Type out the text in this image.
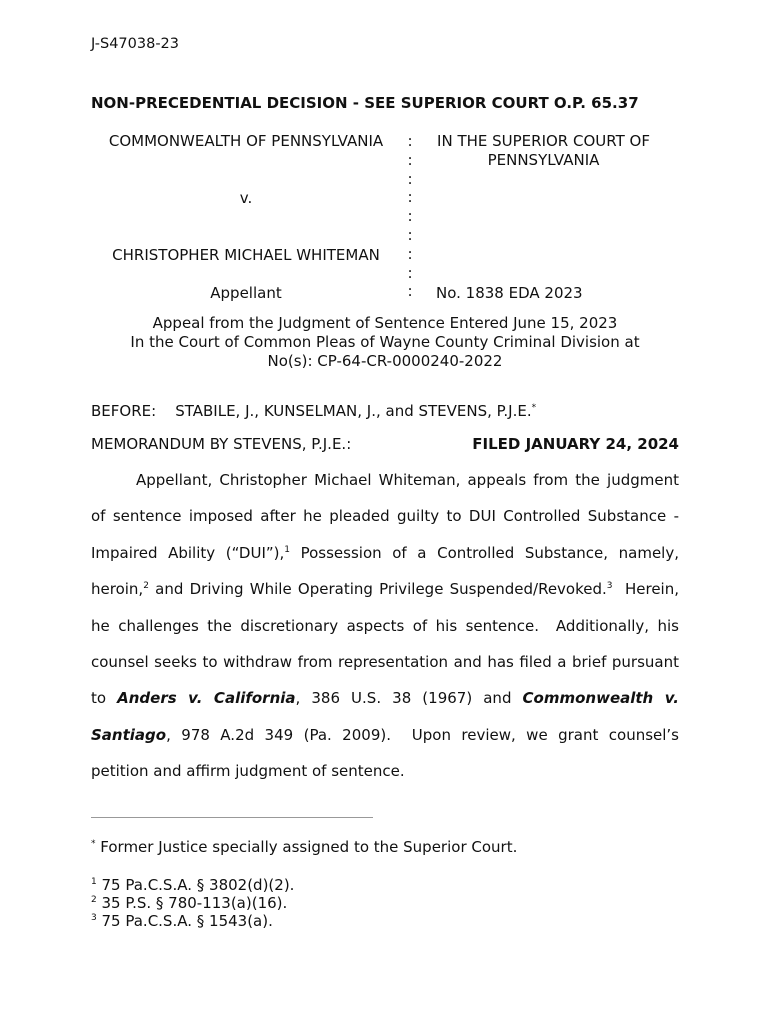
J-S47038-23
NON-PRECEDENTIAL DECISION - SEE SUPERIOR COURT O.P. 65.37
COMMONWEALTH OF PENNSYLVANIA
v.
CHRISTOPHER MICHAEL WHITEMAN
Appellant
:
:
:
:
:
:
:
:
:
IN THE SUPERIOR COURT OF
PENNSYLVANIA
No. 1838 EDA 2023
Appeal from the Judgment of Sentence Entered June 15, 2023
In the Court of Common Pleas of Wayne County Criminal Division at
No(s): CP-64-CR-0000240-2022
BEFORE:    STABILE, J., KUNSELMAN, J., and STEVENS, P.J.E.*
MEMORANDUM BY STEVENS, P.J.E.:	FILED JANUARY 24, 2024

Appellant, Christopher Michael Whiteman, appeals from the judgment of sentence imposed after he pleaded guilty to DUI Controlled Substance - Impaired Ability (“DUI”),$^1$ Possession of a Controlled Substance, namely, heroin,$^2$ and Driving While Operating Privilege Suspended/Revoked.$^3$  Herein, he challenges the discretionary aspects of his sentence.  Additionally, his counsel seeks to withdraw from representation and has filed a brief pursuant to Anders v. California, 386 U.S. 38 (1967) and Commonwealth v. Santiago, 978 A.2d 349 (Pa. 2009).  Upon review, we grant counsel’s petition and affirm judgment of sentence.

* Former Justice specially assigned to the Superior Court.
$^1$ 75 Pa.C.S.A. § 3802(d)(2).
$^2$ 35 P.S. § 780-113(a)(16).
$^3$ 75 Pa.C.S.A. § 1543(a).
